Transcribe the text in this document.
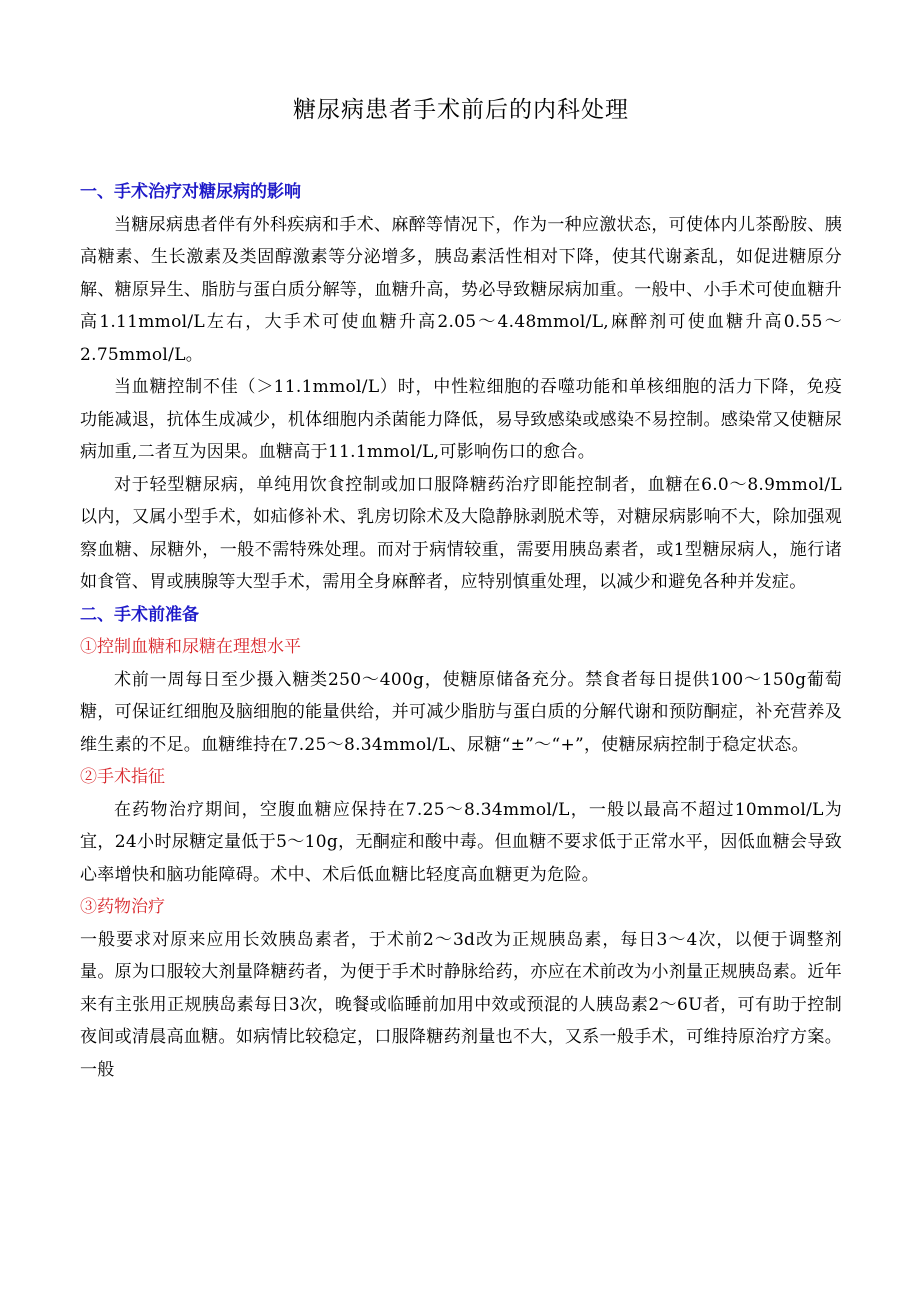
糖尿病患者手术前后的内科处理
一、手术治疗对糖尿病的影响

当糖尿病患者伴有外科疾病和手术、麻醉等情况下，作为一种应激状态，可使体内儿茶酚胺、胰高糖素、生长激素及类固醇激素等分泌增多，胰岛素活性相对下降，使其代谢紊乱，如促进糖原分解、糖原异生、脂肪与蛋白质分解等，血糖升高，势必导致糖尿病加重。一般中、小手术可使血糖升高1.11mmol/L左右，大手术可使血糖升高2.05～4.48mmol/L,麻醉剂可使血糖升高0.55～2.75mmol/L。

当血糖控制不佳（＞11.1mmol/L）时，中性粒细胞的吞噬功能和单核细胞的活力下降，免疫功能减退，抗体生成减少，机体细胞内杀菌能力降低，易导致感染或感染不易控制。感染常又使糖尿病加重,二者互为因果。血糖高于11.1mmol/L,可影响伤口的愈合。

对于轻型糖尿病，单纯用饮食控制或加口服降糖药治疗即能控制者，血糖在6.0～8.9mmol/L以内，又属小型手术，如疝修补术、乳房切除术及大隐静脉剥脱术等，对糖尿病影响不大，除加强观察血糖、尿糖外，一般不需特殊处理。而对于病情较重，需要用胰岛素者，或1型糖尿病人，施行诸如食管、胃或胰腺等大型手术，需用全身麻醉者，应特别慎重处理，以减少和避免各种并发症。

二、手术前准备
①控制血糖和尿糖在理想水平

术前一周每日至少摄入糖类250～400g，使糖原储备充分。禁食者每日提供100～150g葡萄糖，可保证红细胞及脑细胞的能量供给，并可减少脂肪与蛋白质的分解代谢和预防酮症，补充营养及维生素的不足。血糖维持在7.25～8.34mmol/L、尿糖“±”～“+”，使糖尿病控制于稳定状态。

②手术指征

在药物治疗期间，空腹血糖应保持在7.25～8.34mmol/L，一般以最高不超过10mmol/L为宜，24小时尿糖定量低于5～10g，无酮症和酸中毒。但血糖不要求低于正常水平，因低血糖会导致心率增快和脑功能障碍。术中、术后低血糖比轻度高血糖更为危险。

③药物治疗

一般要求对原来应用长效胰岛素者，于术前2～3d改为正规胰岛素，每日3～4次，以便于调整剂量。原为口服较大剂量降糖药者，为便于手术时静脉给药，亦应在术前改为小剂量正规胰岛素。近年来有主张用正规胰岛素每日3次，晚餐或临睡前加用中效或预混的人胰岛素2～6U者，可有助于控制夜间或清晨高血糖。如病情比较稳定，口服降糖药剂量也不大，又系一般手术，可维持原治疗方案。一般
